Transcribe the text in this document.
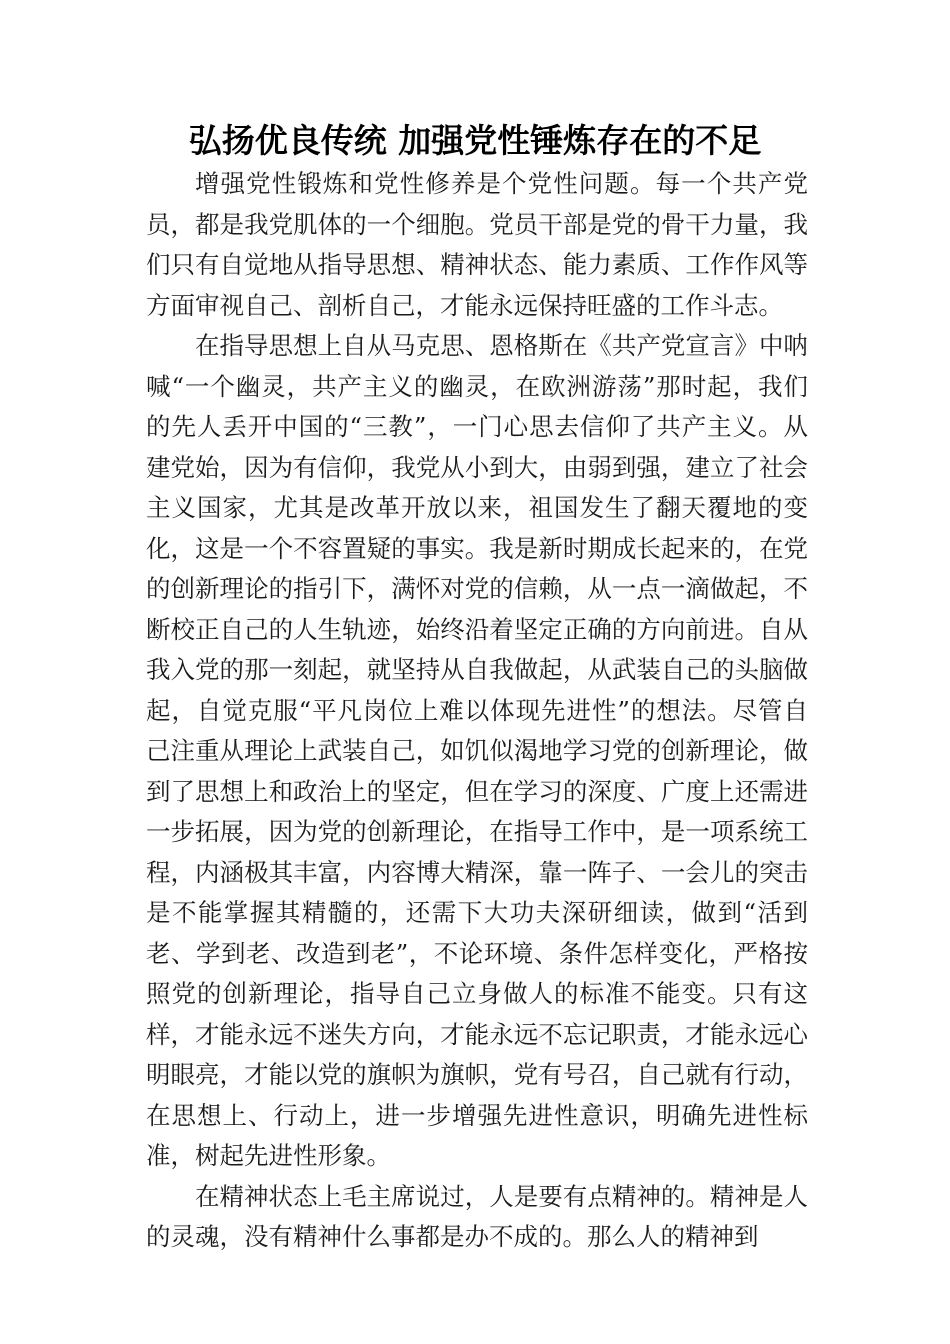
弘扬优良传统 加强党性锤炼存在的不足

增强党性锻炼和党性修养是个党性问题。每一个共产党员，都是我党肌体的一个细胞。党员干部是党的骨干力量，我们只有自觉地从指导思想、精神状态、能力素质、工作作风等方面审视自己、剖析自己，才能永远保持旺盛的工作斗志。

在指导思想上自从马克思、恩格斯在《共产党宣言》中呐喊“一个幽灵，共产主义的幽灵，在欧洲游荡”那时起，我们的先人丢开中国的“三教”，一门心思去信仰了共产主义。从建党始，因为有信仰，我党从小到大，由弱到强，建立了社会主义国家，尤其是改革开放以来，祖国发生了翻天覆地的变化，这是一个不容置疑的事实。我是新时期成长起来的，在党的创新理论的指引下，满怀对党的信赖，从一点一滴做起，不断校正自己的人生轨迹，始终沿着坚定正确的方向前进。自从我入党的那一刻起，就坚持从自我做起，从武装自己的头脑做起，自觉克服“平凡岗位上难以体现先进性”的想法。尽管自己注重从理论上武装自己，如饥似渴地学习党的创新理论，做到了思想上和政治上的坚定，但在学习的深度、广度上还需进一步拓展，因为党的创新理论，在指导工作中，是一项系统工程，内涵极其丰富，内容博大精深，靠一阵子、一会儿的突击是不能掌握其精髓的，还需下大功夫深研细读，做到“活到老、学到老、改造到老”，不论环境、条件怎样变化，严格按照党的创新理论，指导自己立身做人的标准不能变。只有这样，才能永远不迷失方向，才能永远不忘记职责，才能永远心明眼亮，才能以党的旗帜为旗帜，党有号召，自己就有行动，在思想上、行动上，进一步增强先进性意识，明确先进性标准，树起先进性形象。

在精神状态上毛主席说过，人是要有点精神的。精神是人的灵魂，没有精神什么事都是办不成的。那么人的精神到
